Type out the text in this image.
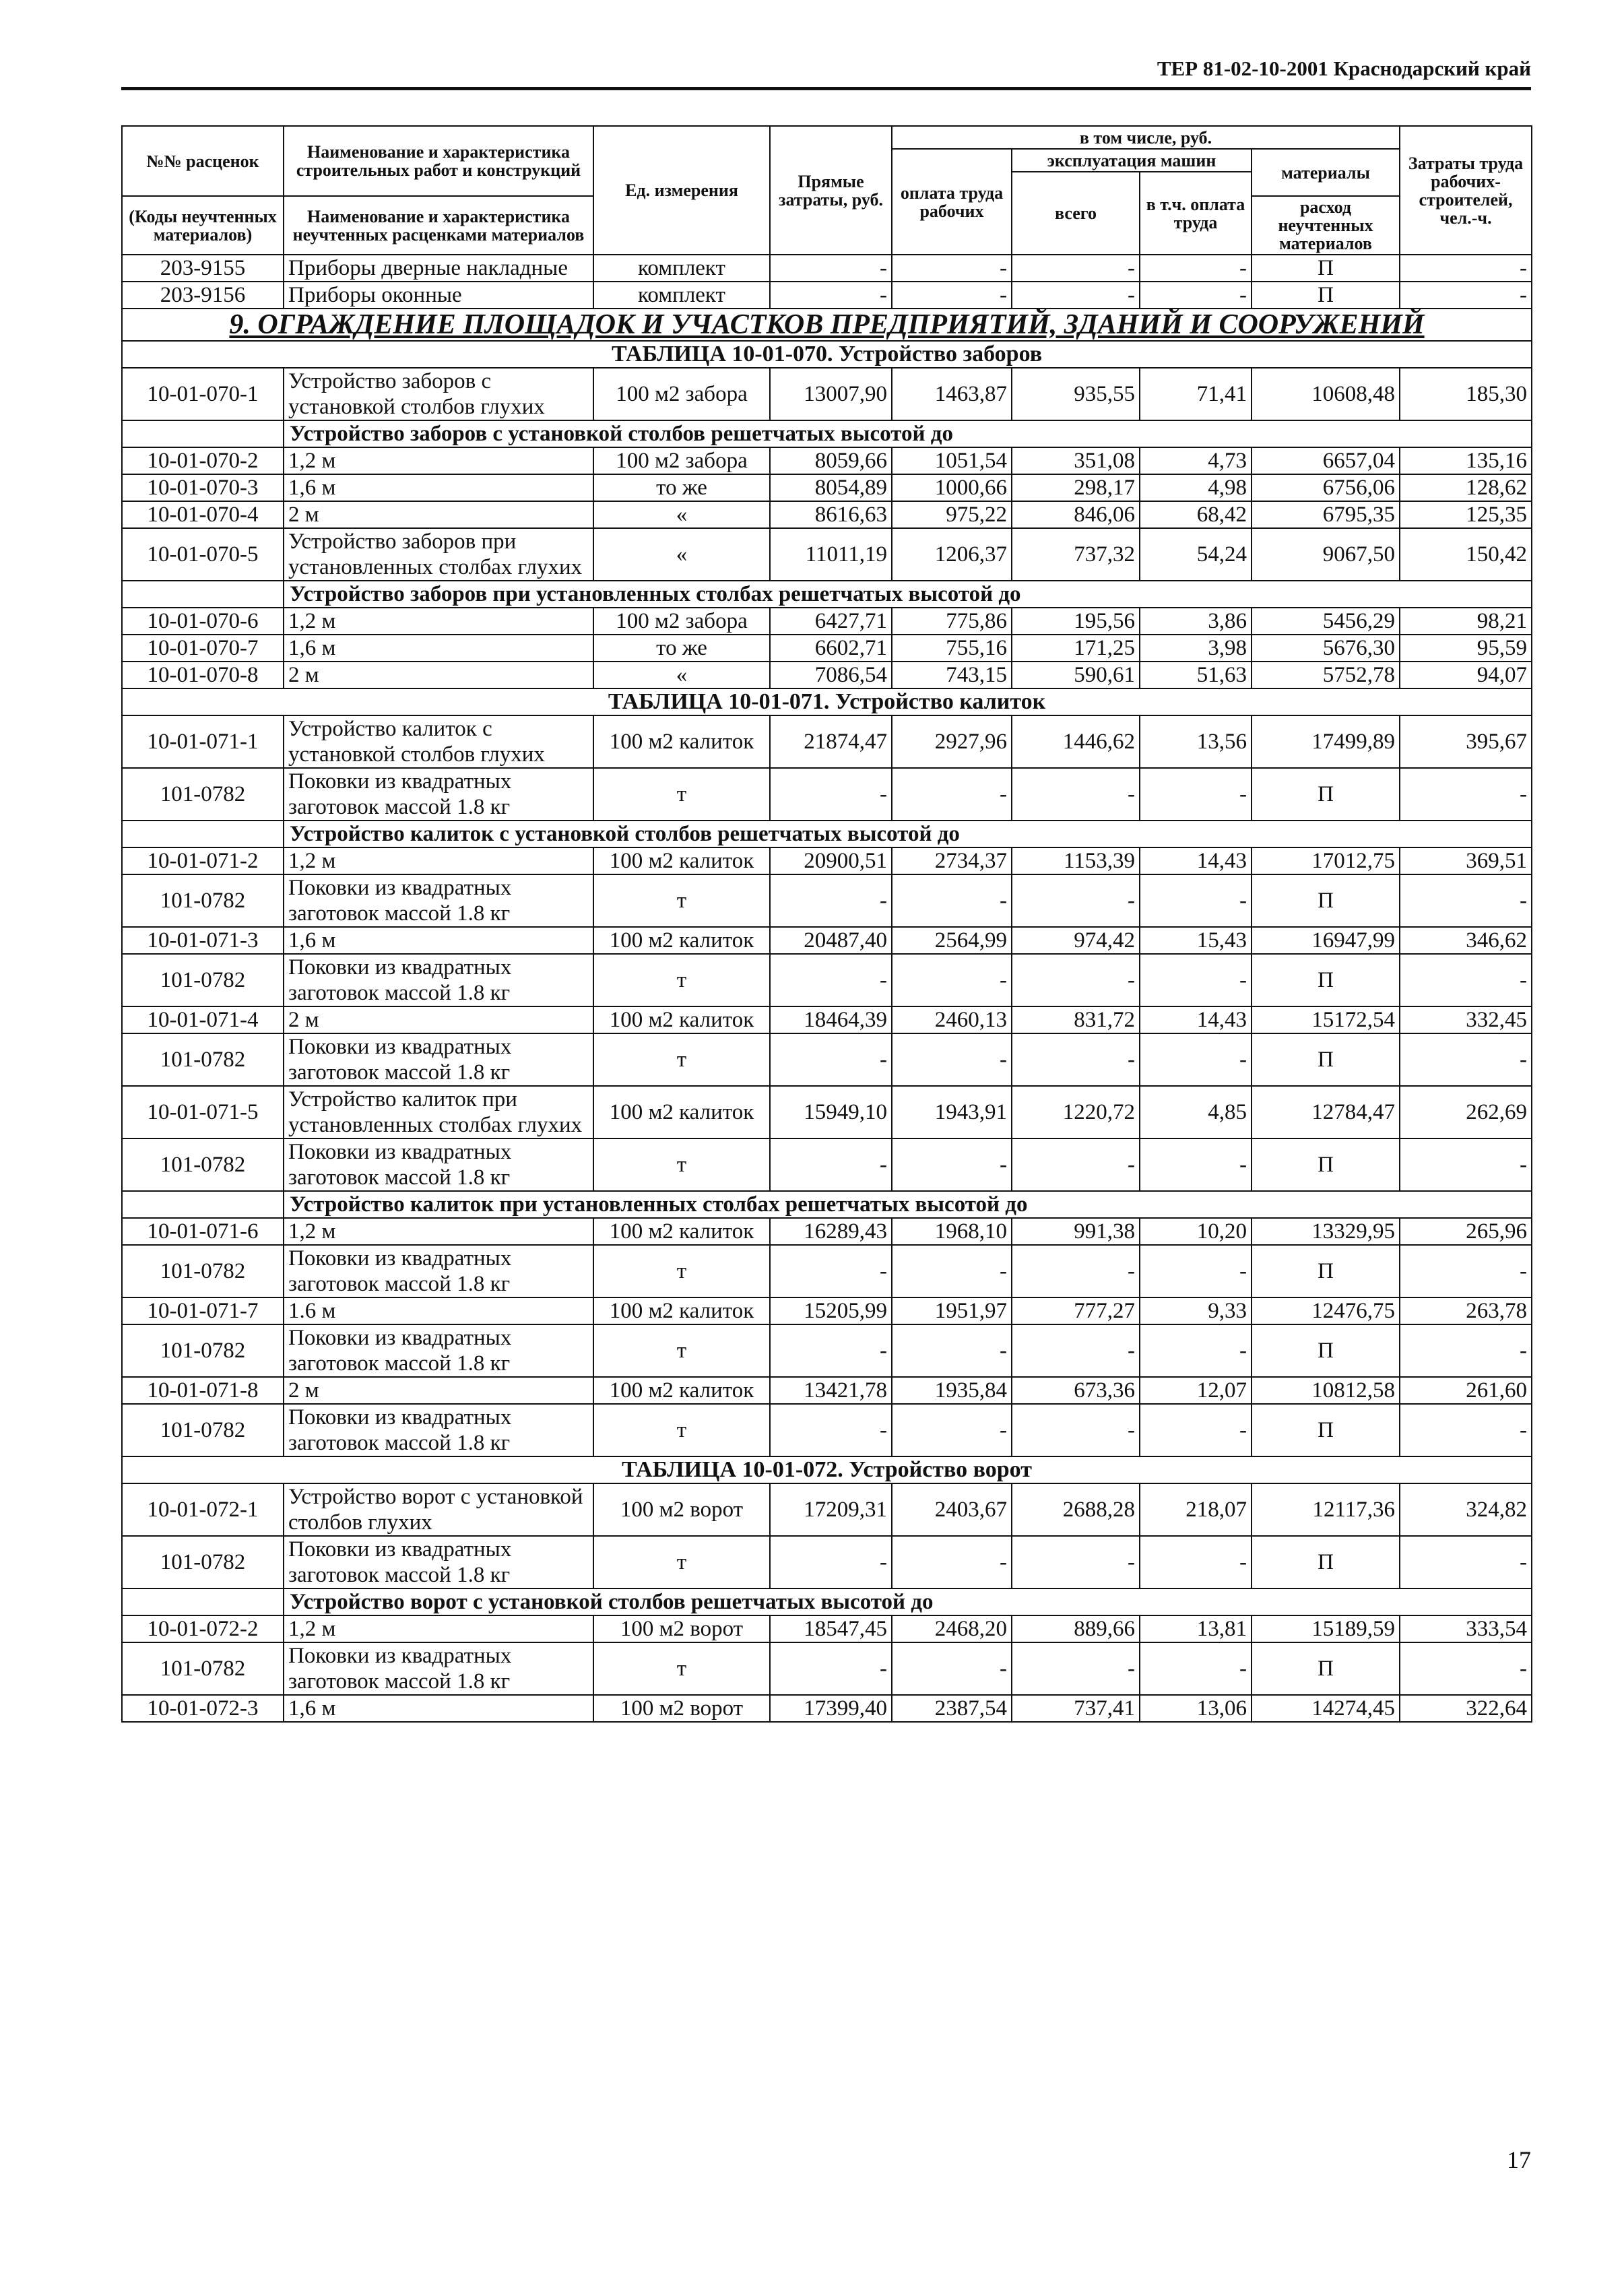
ТЕР 81-02-10-2001 Краснодарский край
№№ расценок	Наименование и характеристика строительных работ и конструкций	Ед. измерения	Прямые затраты, руб.	в том числе, руб.				Затраты труда рабочих-строителей, чел.-ч.
				оплата труда рабочих	эксплуатация машин		материалы	
					всего	в т.ч. оплата труда		
(Коды неучтенных материалов)	Наименование и характеристика неучтенных расценками материалов						расход неучтенных материалов	

203-9155	Приборы дверные накладные	комплект	-	-	-	-	П	-
203-9156	Приборы оконные	комплект	-	-	-	-	П	-
9. ОГРАЖДЕНИЕ ПЛОЩАДОК И УЧАСТКОВ ПРЕДПРИЯТИЙ, ЗДАНИЙ И СООРУЖЕНИЙ								
ТАБЛИЦА 10-01-070. Устройство заборов								
10-01-070-1	Устройство заборов с установкой столбов глухих	100 м2 забора	13007,90	1463,87	935,55	71,41	10608,48	185,30
	Устройство заборов с установкой столбов решетчатых высотой до							
10-01-070-2	1,2 м	100 м2 забора	8059,66	1051,54	351,08	4,73	6657,04	135,16
10-01-070-3	1,6 м	то же	8054,89	1000,66	298,17	4,98	6756,06	128,62
10-01-070-4	2 м	«	8616,63	975,22	846,06	68,42	6795,35	125,35
10-01-070-5	Устройство заборов при установленных столбах глухих	«	11011,19	1206,37	737,32	54,24	9067,50	150,42
	Устройство заборов при установленных столбах решетчатых высотой до							
10-01-070-6	1,2 м	100 м2 забора	6427,71	775,86	195,56	3,86	5456,29	98,21
10-01-070-7	1,6 м	то же	6602,71	755,16	171,25	3,98	5676,30	95,59
10-01-070-8	2 м	«	7086,54	743,15	590,61	51,63	5752,78	94,07
ТАБЛИЦА 10-01-071. Устройство калиток								
10-01-071-1	Устройство калиток с установкой столбов глухих	100 м2 калиток	21874,47	2927,96	1446,62	13,56	17499,89	395,67
101-0782	Поковки из квадратных заготовок массой 1.8 кг	т	-	-	-	-	П	-
	Устройство калиток с установкой столбов решетчатых высотой до							
10-01-071-2	1,2 м	100 м2 калиток	20900,51	2734,37	1153,39	14,43	17012,75	369,51
101-0782	Поковки из квадратных заготовок массой 1.8 кг	т	-	-	-	-	П	-
10-01-071-3	1,6 м	100 м2 калиток	20487,40	2564,99	974,42	15,43	16947,99	346,62
101-0782	Поковки из квадратных заготовок массой 1.8 кг	т	-	-	-	-	П	-
10-01-071-4	2 м	100 м2 калиток	18464,39	2460,13	831,72	14,43	15172,54	332,45
101-0782	Поковки из квадратных заготовок массой 1.8 кг	т	-	-	-	-	П	-
10-01-071-5	Устройство калиток при установленных столбах глухих	100 м2 калиток	15949,10	1943,91	1220,72	4,85	12784,47	262,69
101-0782	Поковки из квадратных заготовок массой 1.8 кг	т	-	-	-	-	П	-
	Устройство калиток при установленных столбах решетчатых высотой до							
10-01-071-6	1,2 м	100 м2 калиток	16289,43	1968,10	991,38	10,20	13329,95	265,96
101-0782	Поковки из квадратных заготовок массой 1.8 кг	т	-	-	-	-	П	-
10-01-071-7	1.6 м	100 м2 калиток	15205,99	1951,97	777,27	9,33	12476,75	263,78
101-0782	Поковки из квадратных заготовок массой 1.8 кг	т	-	-	-	-	П	-
10-01-071-8	2 м	100 м2 калиток	13421,78	1935,84	673,36	12,07	10812,58	261,60
101-0782	Поковки из квадратных заготовок массой 1.8 кг	т	-	-	-	-	П	-
ТАБЛИЦА 10-01-072. Устройство ворот								
10-01-072-1	Устройство ворот с установкой столбов глухих	100 м2 ворот	17209,31	2403,67	2688,28	218,07	12117,36	324,82
101-0782	Поковки из квадратных заготовок массой 1.8 кг	т	-	-	-	-	П	-
	Устройство ворот с установкой столбов решетчатых высотой до							
10-01-072-2	1,2 м	100 м2 ворот	18547,45	2468,20	889,66	13,81	15189,59	333,54
101-0782	Поковки из квадратных заготовок массой 1.8 кг	т	-	-	-	-	П	-
10-01-072-3	1,6 м	100 м2 ворот	17399,40	2387,54	737,41	13,06	14274,45	322,64
17
